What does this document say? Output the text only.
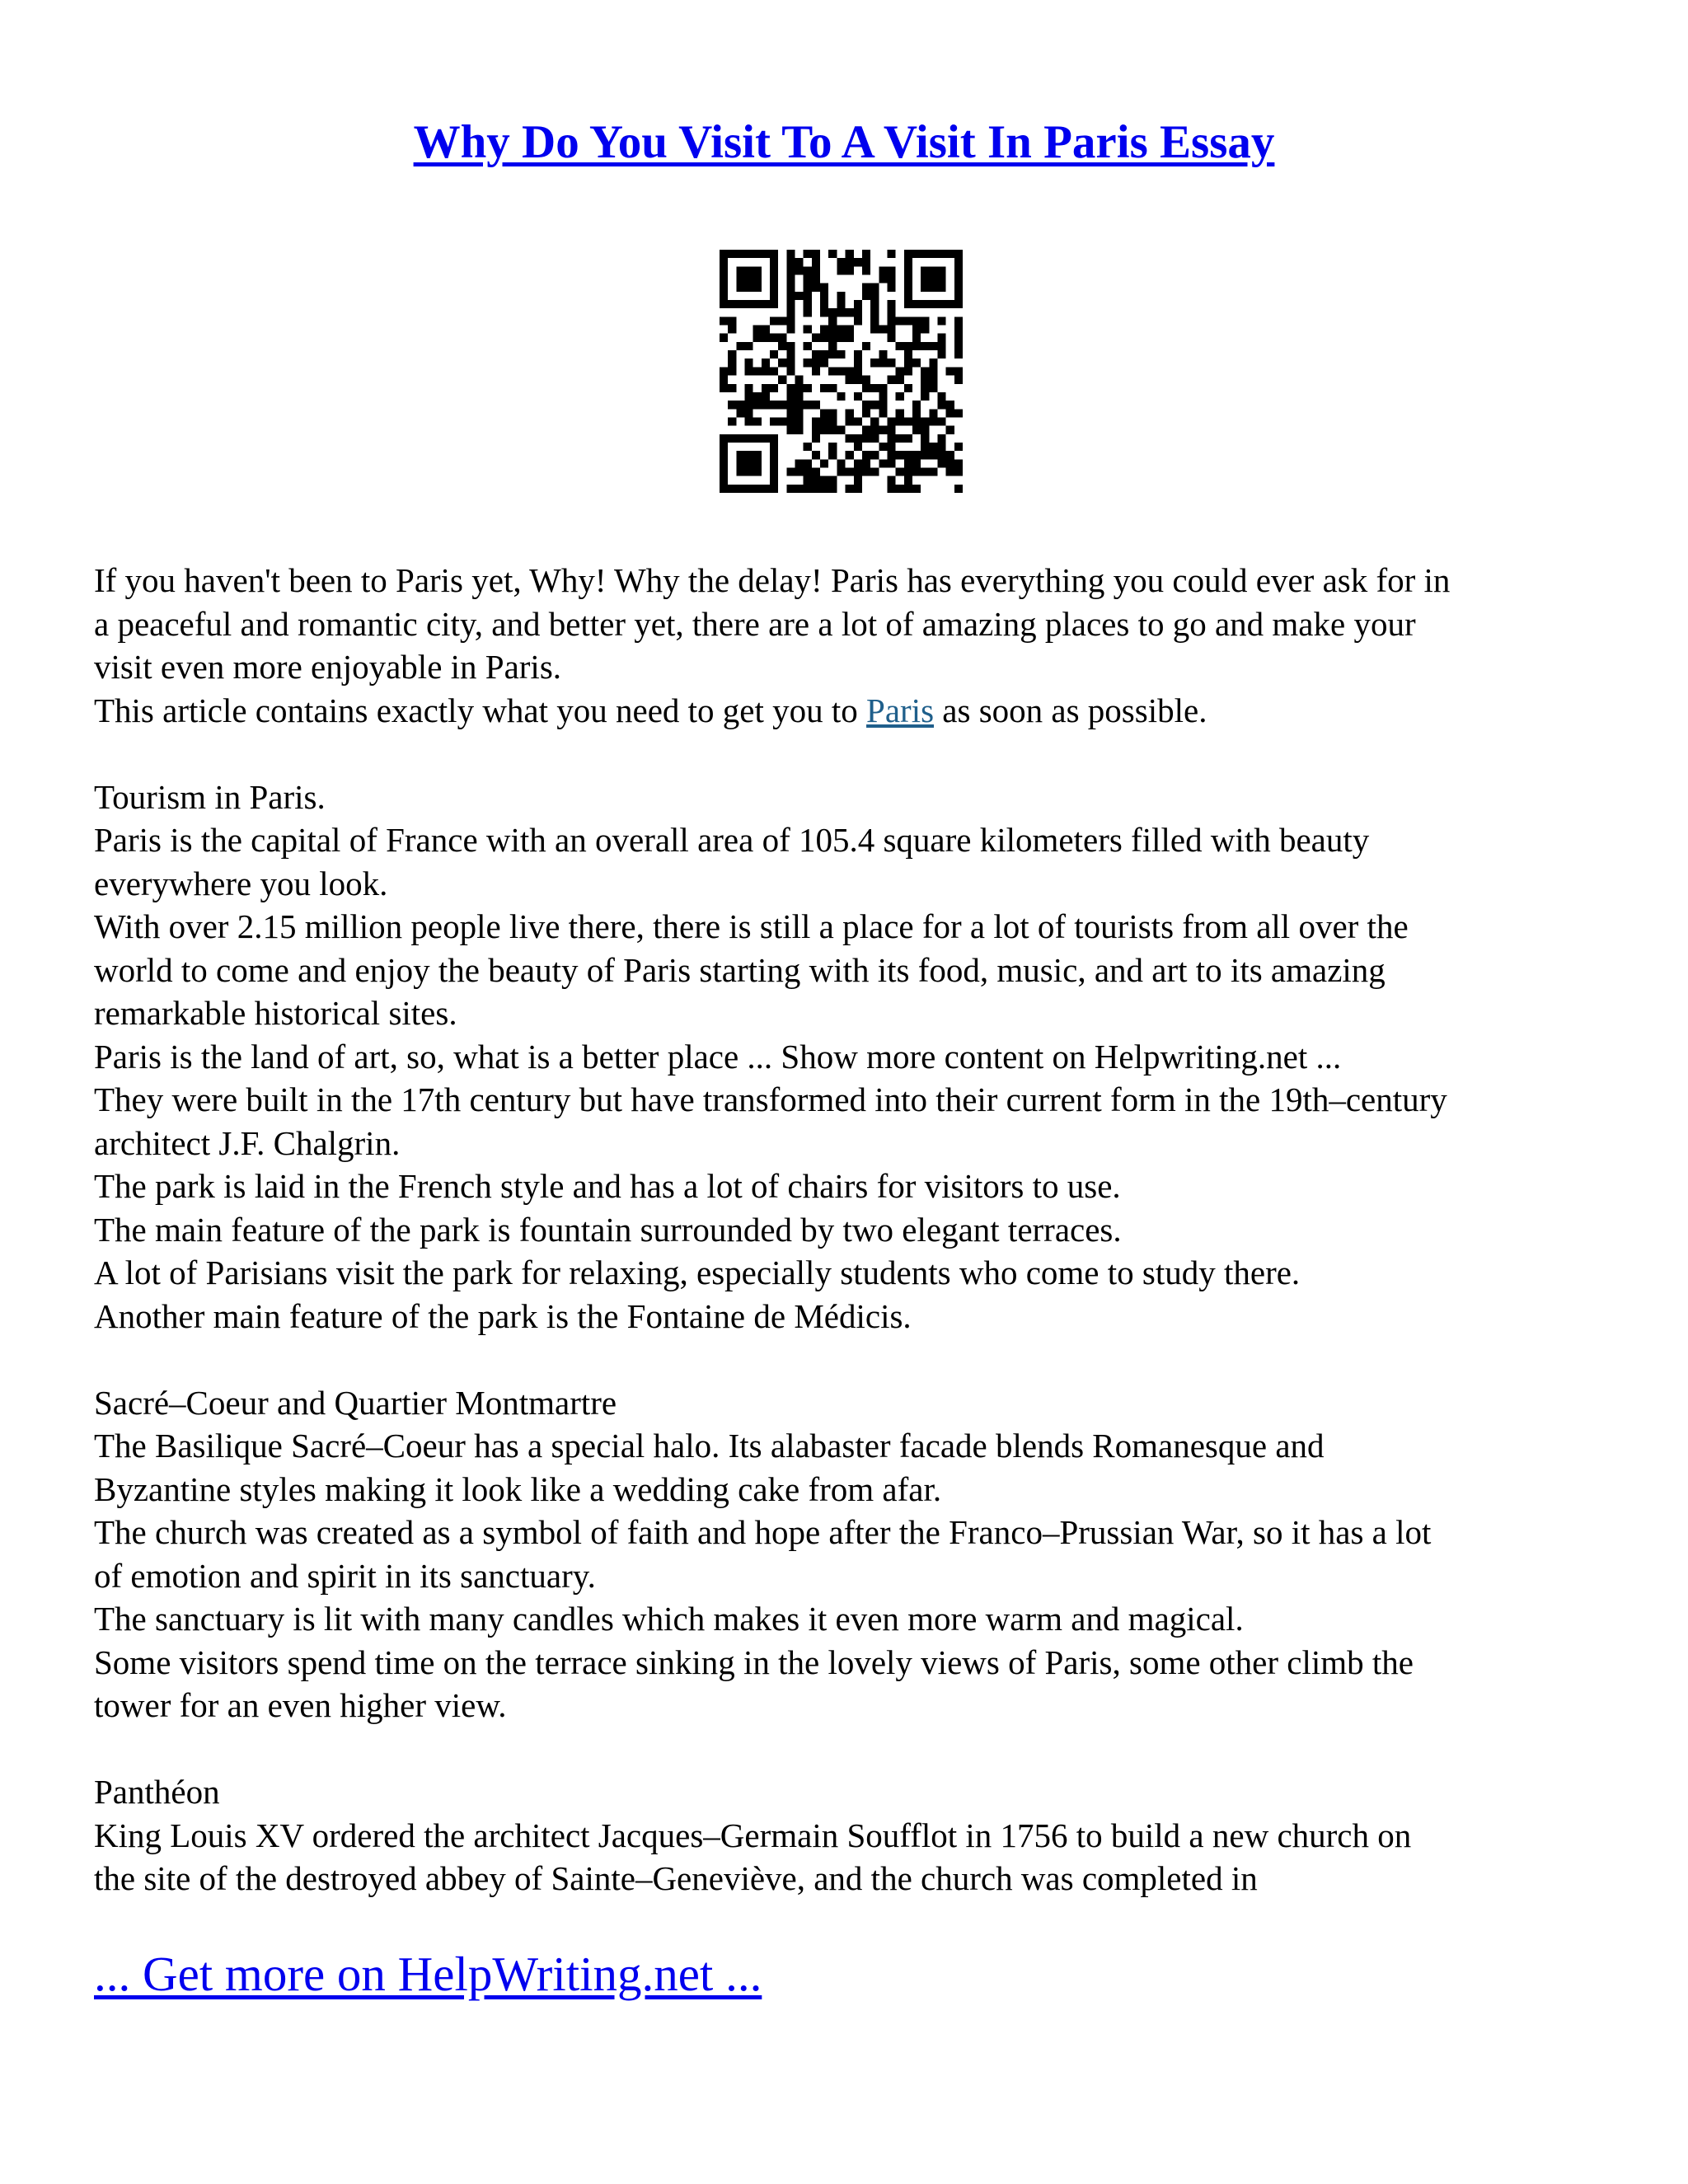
Why Do You Visit To A Visit In Paris Essay
If you haven't been to Paris yet, Why! Why the delay! Paris has everything you could ever ask for in
a peaceful and romantic city, and better yet, there are a lot of amazing places to go and make your
visit even more enjoyable in Paris.
This article contains exactly what you need to get you to Paris as soon as possible.
Tourism in Paris.
Paris is the capital of France with an overall area of 105.4 square kilometers filled with beauty
everywhere you look.
With over 2.15 million people live there, there is still a place for a lot of tourists from all over the
world to come and enjoy the beauty of Paris starting with its food, music, and art to its amazing
remarkable historical sites.
Paris is the land of art, so, what is a better place ... Show more content on Helpwriting.net ...
They were built in the 17th century but have transformed into their current form in the 19th–century
architect J.F. Chalgrin.
The park is laid in the French style and has a lot of chairs for visitors to use.
The main feature of the park is fountain surrounded by two elegant terraces.
A lot of Parisians visit the park for relaxing, especially students who come to study there.
Another main feature of the park is the Fontaine de Médicis.
Sacré–Coeur and Quartier Montmartre
The Basilique Sacré–Coeur has a special halo. Its alabaster facade blends Romanesque and
Byzantine styles making it look like a wedding cake from afar.
The church was created as a symbol of faith and hope after the Franco–Prussian War, so it has a lot
of emotion and spirit in its sanctuary.
The sanctuary is lit with many candles which makes it even more warm and magical.
Some visitors spend time on the terrace sinking in the lovely views of Paris, some other climb the
tower for an even higher view.
Panthéon
King Louis XV ordered the architect Jacques–Germain Soufflot in 1756 to build a new church on
the site of the destroyed abbey of Sainte–Geneviève, and the church was completed in
... Get more on HelpWriting.net ...
